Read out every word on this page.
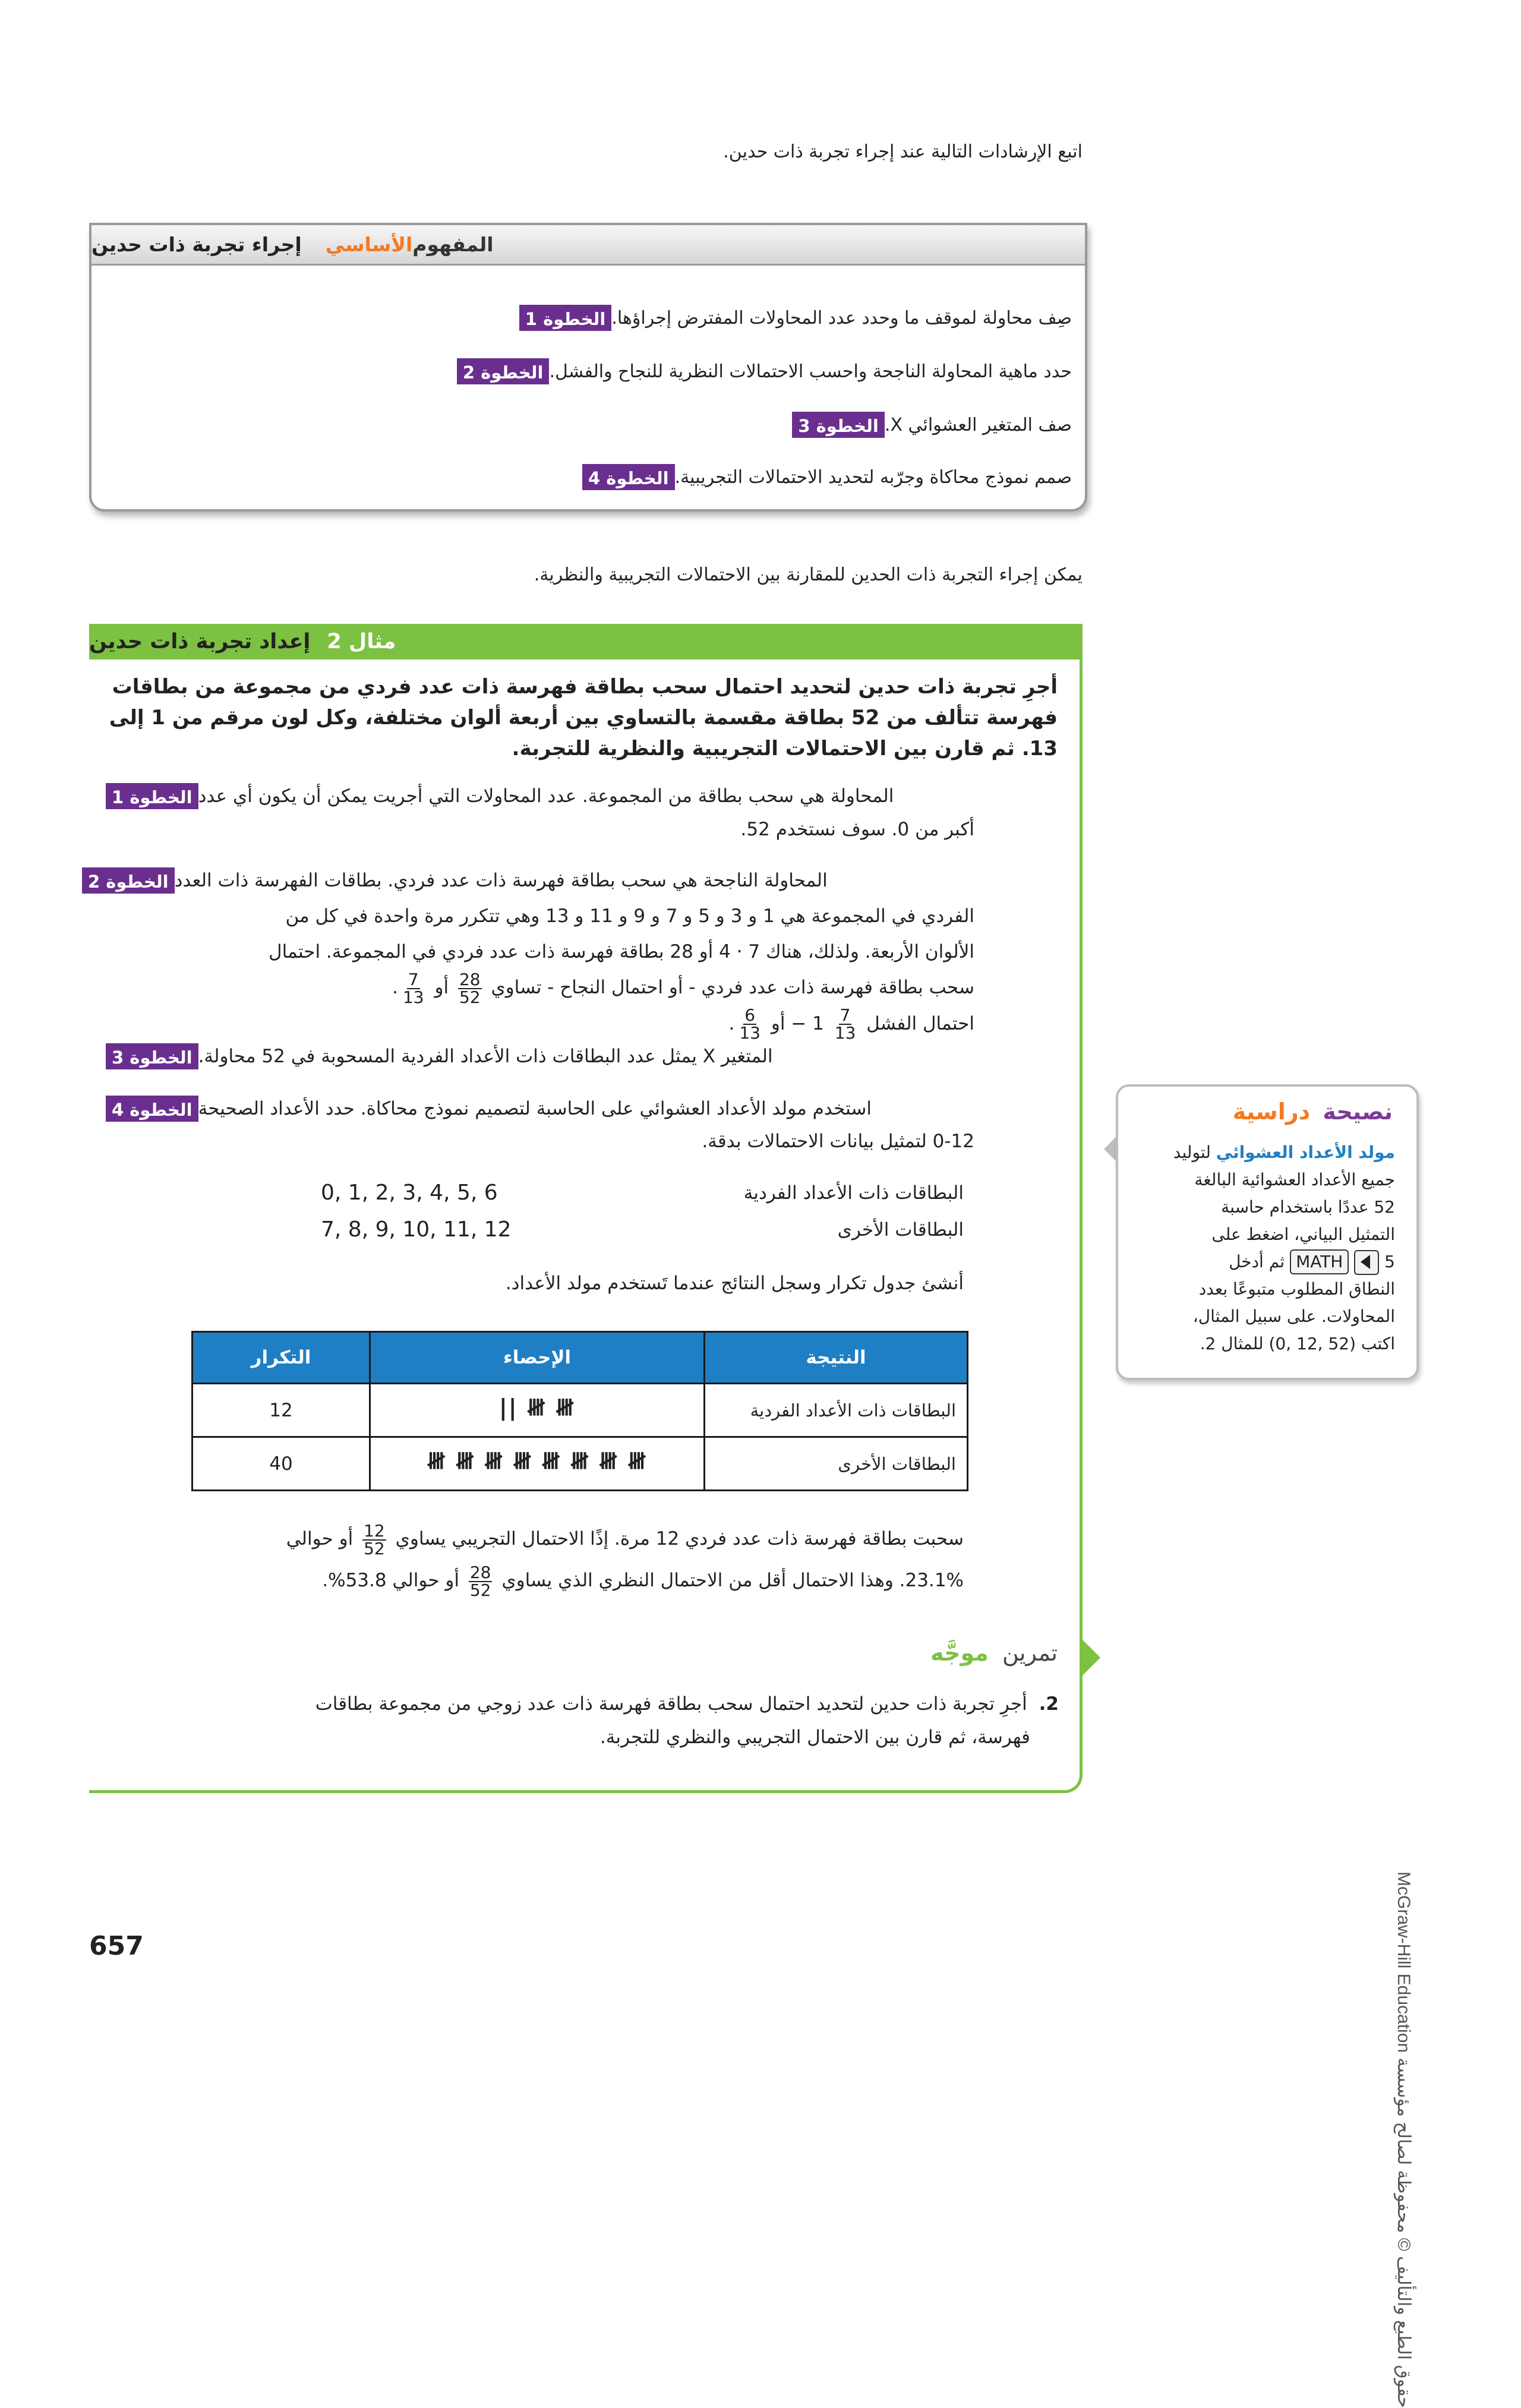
اتبع الإرشادات التالية عند إجراء تجربة ذات حدين.
المفهوم
الأساسي
إجراء تجربة ذات حدين
الخطوة 1 صِف محاولة لموقف ما وحدد عدد المحاولات المفترض إجراؤها.
الخطوة 2 حدد ماهية المحاولة الناجحة واحسب الاحتمالات النظرية للنجاح والفشل.
الخطوة 3 صف المتغير العشوائي X.
الخطوة 4 صمم نموذج محاكاة وجرّبه لتحديد الاحتمالات التجريبية.
يمكن إجراء التجربة ذات الحدين للمقارنة بين الاحتمالات التجريبية والنظرية.
مثال 2
إعداد تجربة ذات حدين
أجرِ تجربة ذات حدين لتحديد احتمال سحب بطاقة فهرسة ذات عدد فردي من مجموعة من بطاقات فهرسة تتألف من 52 بطاقة مقسمة بالتساوي بين أربعة ألوان مختلفة، وكل لون مرقم من 1 إلى 13. ثم قارن بين الاحتمالات التجريبية والنظرية للتجربة.
الخطوة 1 المحاولة هي سحب بطاقة من المجموعة. عدد المحاولات التي أجريت يمكن أن يكون أي عدد
أكبر من 0. سوف نستخدم 52.
الخطوة 2 المحاولة الناجحة هي سحب بطاقة فهرسة ذات عدد فردي. بطاقات الفهرسة ذات العدد
الفردي في المجموعة هي 1 و 3 و 5 و 7 و 9 و 11 و 13 وهي تتكرر مرة واحدة في كل من
الألوان الأربعة. ولذلك، هناك 7 · 4 أو 28 بطاقة فهرسة ذات عدد فردي في المجموعة. احتمال
سحب بطاقة فهرسة ذات عدد فردي - أو احتمال النجاح - تساوي
$\frac{28}{52}$
أو
$\frac{7}{13}$
.
احتمال الفشل
$\frac{7}{13}$
1 − أو
$\frac{6}{13}$
.
الخطوة 3 المتغير X يمثل عدد البطاقات ذات الأعداد الفردية المسحوبة في 52 محاولة.
الخطوة 4 استخدم مولد الأعداد العشوائي على الحاسبة لتصميم نموذج محاكاة. حدد الأعداد الصحيحة
0-12 لتمثيل بيانات الاحتمالات بدقة.
البطاقات ذات الأعداد الفردية
0, 1, 2, 3, 4, 5, 6
البطاقات الأخرى
7, 8, 9, 10, 11, 12
أنشئ جدول تكرار وسجل النتائج عندما تَستخدم مولد الأعداد.
النتيجة	الإحصاء	التكرار
البطاقات ذات الأعداد الفردية	𝍸 𝍸 ||	12
البطاقات الأخرى	𝍸 𝍸 𝍸 𝍸 𝍸 𝍸 𝍸 𝍸	40
سحبت بطاقة فهرسة ذات عدد فردي 12 مرة. إذًا الاحتمال التجريبي يساوي
$\frac{12}{52}$
أو حوالي
23.1%. وهذا الاحتمال أقل من الاحتمال النظري الذي يساوي
$\frac{28}{52}$
أو حوالي 53.8%.
تمرين موجَّه
2. أجرِ تجربة ذات حدين لتحديد احتمال سحب بطاقة فهرسة ذات عدد زوجي من مجموعة بطاقات
فهرسة، ثم قارن بين الاحتمال التجريبي والنظري للتجربة.
نصيحة دراسية
مولد الأعداد العشوائي لتوليد
جميع الأعداد العشوائية البالغة
52 عددًا باستخدام حاسبة
التمثيل البياني، اضغط على
5  MATH ثم أدخل
النطاق المطلوب متبوعًا بعدد
المحاولات. على سبيل المثال،
اكتب (52 ,12 ,0) للمثال 2.
حقوق الطبع والتأليف © محفوظة لصالح مؤسسة McGraw-Hill Education
657
